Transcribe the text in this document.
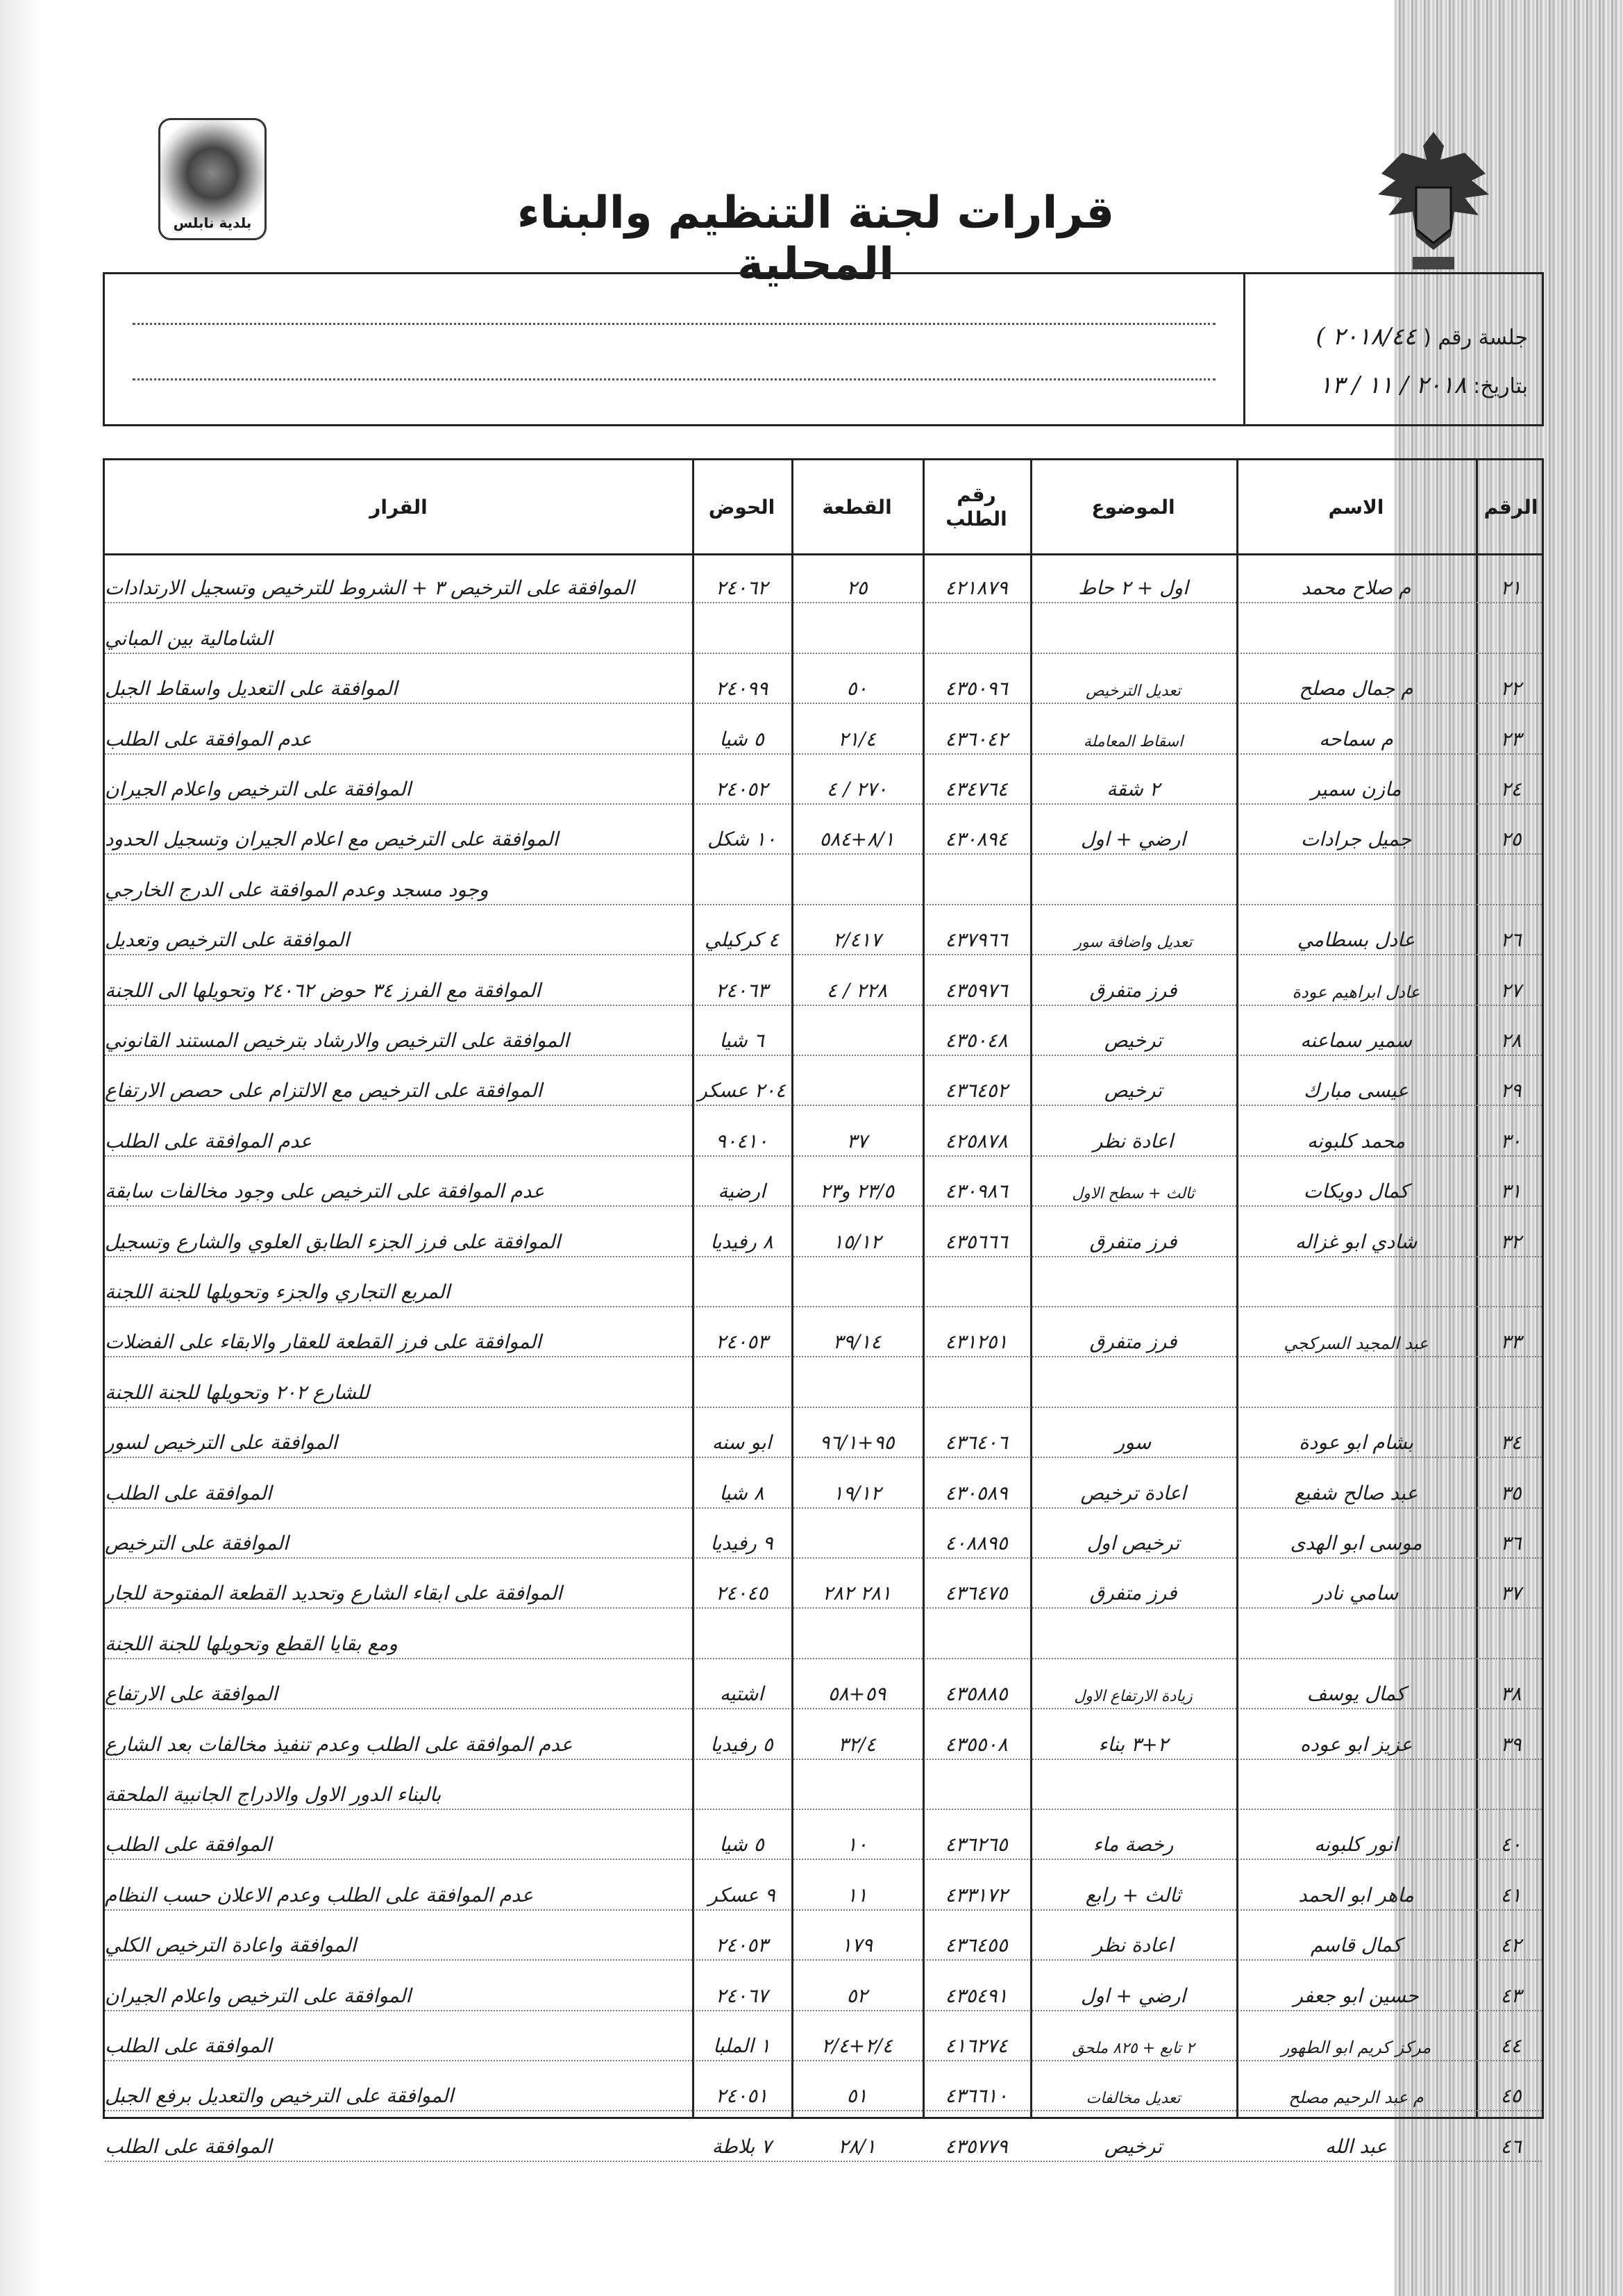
بلدية نابلس	قرارات لجنة التنظيم والبناء المحلية
جلسة رقم ( ٢٠١٨/٤٤ )
بتاريخ: ٢٠١٨ / ١١ / ١٣
الرقم
الاسم
الموضوع
رقم الطلب
القطعة
الحوض
القرار
٢١
م صلاح محمد
اول + ٢ حاط
٤٢١٨٧٩
٢٥
٢٤٠٦٢
الموافقة على الترخيص ٣ + الشروط للترخيص وتسجيل الارتدادات
الشامالية بين المباني
٢٢
م جمال مصلح
تعديل الترخيص
٤٣٥٠٩٦
٥٠
٢٤٠٩٩
الموافقة على التعديل واسقاط الجبل
٢٣
م سماحه
اسقاط المعاملة
٤٣٦٠٤٢
٢١/٤
٥ شيا
عدم الموافقة على الطلب
٢٤
مازن سمير
٢ شقة
٤٣٤٧٦٤
٢٧٠ / ٤
٢٤٠٥٢
الموافقة على الترخيص واعلام الجيران
٢٥
جميل جرادات
ارضي + اول
٤٣٠٨٩٤
٨/١+٥٨٤
١٠ شكل
الموافقة على الترخيص مع اعلام الجيران وتسجيل الحدود
وجود مسجد وعدم الموافقة على الدرج الخارجي
٢٦
عادل بسطامي
تعديل واضافة سور
٤٣٧٩٦٦
٢/٤١٧
٤ كركيلي
الموافقة على الترخيص وتعديل
٢٧
عادل ابراهيم عودة
فرز متفرق
٤٣٥٩٧٦
٢٢٨ / ٤
٢٤٠٦٣
الموافقة مع الفرز ٣٤ حوض ٢٤٠٦٢ وتحويلها الى اللجنة
٢٨
سمير سماعنه
ترخيص
٤٣٥٠٤٨
٦ شيا
الموافقة على الترخيص والارشاد بترخيص المستند القانوني
٢٩
عيسى مبارك
ترخيص
٤٣٦٤٥٢
٢٠٤ عسكر
الموافقة على الترخيص مع الالتزام على حصص الارتفاع
٣٠
محمد كلبونه
اعادة نظر
٤٢٥٨٧٨
٣٧
٩٠٤١٠
عدم الموافقة على الطلب
٣١
كمال دويكات
ثالث + سطح الاول
٤٣٠٩٨٦
٢٣/٥ و٢٣
ارضية
عدم الموافقة على الترخيص على وجود مخالفات سابقة
٣٢
شادي ابو غزاله
فرز متفرق
٤٣٥٦٦٦
١٥/١٢
٨ رفيديا
الموافقة على فرز الجزء الطابق العلوي والشارع وتسجيل
المربع التجاري والجزء وتحويلها للجنة اللجنة
٣٣
عبد المجيد السركجي
فرز متفرق
٤٣١٢٥١
٣٩/١٤
٢٤٠٥٣
الموافقة على فرز القطعة للعقار والابقاء على الفضلات
للشارع ٢٠٢ وتحويلها للجنة اللجنة
٣٤
بشام ابو عودة
سور
٤٣٦٤٠٦
٩٥+٩٦/١
ابو سنه
الموافقة على الترخيص لسور
٣٥
عبد صالح شفيع
اعادة ترخيص
٤٣٠٥٨٩
١٩/١٢
٨ شيا
الموافقة على الطلب
٣٦
موسى ابو الهدى
ترخيص اول
٤٠٨٨٩٥
٩ رفيديا
الموافقة على الترخيص
٣٧
سامي نادر
فرز متفرق
٤٣٦٤٧٥
٢٨١ ٢٨٢
٢٤٠٤٥
الموافقة على ابقاء الشارع وتحديد القطعة المفتوحة للجار
ومع بقايا القطع وتحويلها للجنة اللجنة
٣٨
كمال يوسف
زيادة الارتفاع الاول
٤٣٥٨٨٥
٥٩+٥٨
اشتيه
الموافقة على الارتفاع
٣٩
عزيز ابو عوده
٢+٣ بناء
٤٣٥٥٠٨
٣٢/٤
٥ رفيديا
عدم الموافقة على الطلب وعدم تنفيذ مخالفات بعد الشارع
بالبناء الدور الاول والادراج الجانبية الملحقة
٤٠
انور كلبونه
رخصة ماء
٤٣٦٢٦٥
١٠
٥ شيا
الموافقة على الطلب
٤١
ماهر ابو الحمد
ثالث + رابع
٤٣٣١٧٢
١١
٩ عسكر
عدم الموافقة على الطلب وعدم الاعلان حسب النظام
٤٢
كمال قاسم
اعادة نظر
٤٣٦٤٥٥
١٧٩
٢٤٠٥٣
الموافقة واعادة الترخيص الكلي
٤٣
حسين ابو جعفر
ارضي + اول
٤٣٥٤٩١
٥٢
٢٤٠٦٧
الموافقة على الترخيص واعلام الجيران
٤٤
مركز كريم ابو الطهور
٢ تابع + ٨٢٥ ملحق
٤١٦٢٧٤
٢/٤+٢/٤
١ الملبا
الموافقة على الطلب
٤٥
م عبد الرحيم مصلح
تعديل مخالفات
٤٣٦٦١٠
٥١
٢٤٠٥١
الموافقة على الترخيص والتعديل برفع الجبل
٤٦
عبد الله
ترخيص
٤٣٥٧٧٩
٢٨/١
٧ بلاطة
الموافقة على الطلب
